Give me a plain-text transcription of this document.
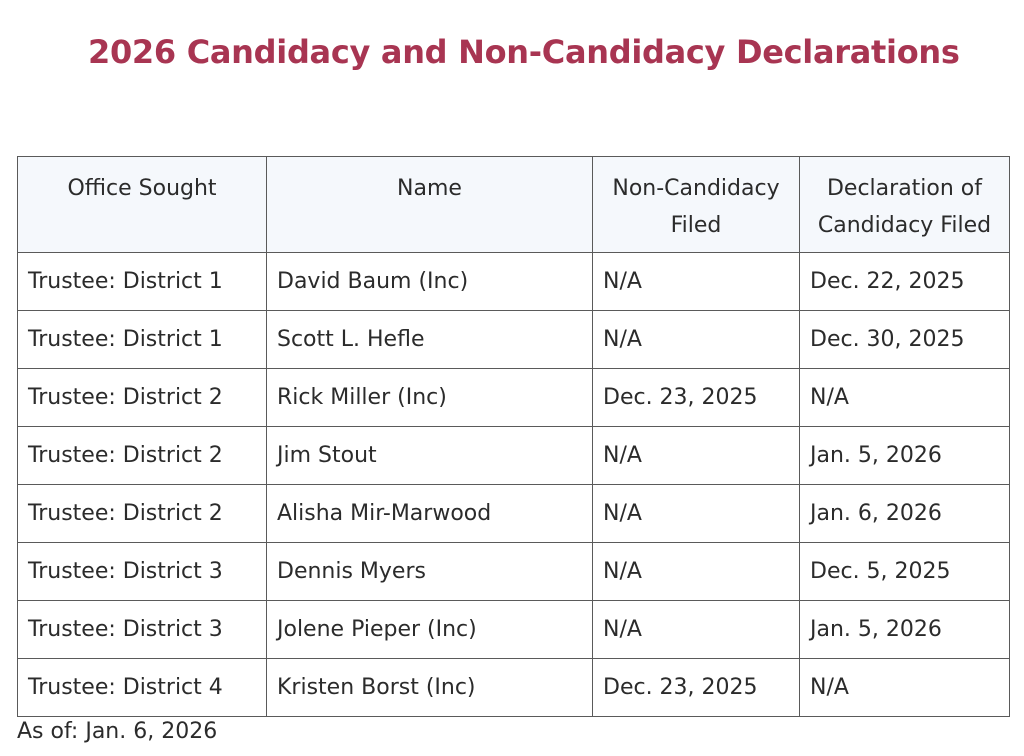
2026 Candidacy and Non-Candidacy Declarations
Office Sought	Name	Non-Candidacy Filed	Declaration of Candidacy Filed
Trustee: District 1	David Baum (Inc)	N/A	Dec. 22, 2025
Trustee: District 1	Scott L. Hefle	N/A	Dec. 30, 2025
Trustee: District 2	Rick Miller (Inc)	Dec. 23, 2025	N/A
Trustee: District 2	Jim Stout	N/A	Jan. 5, 2026
Trustee: District 2	Alisha Mir-Marwood	N/A	Jan. 6, 2026
Trustee: District 3	Dennis Myers	N/A	Dec. 5, 2025
Trustee: District 3	Jolene Pieper (Inc)	N/A	Jan. 5, 2026
Trustee: District 4	Kristen Borst (Inc)	Dec. 23, 2025	N/A
As of: Jan. 6, 2026
